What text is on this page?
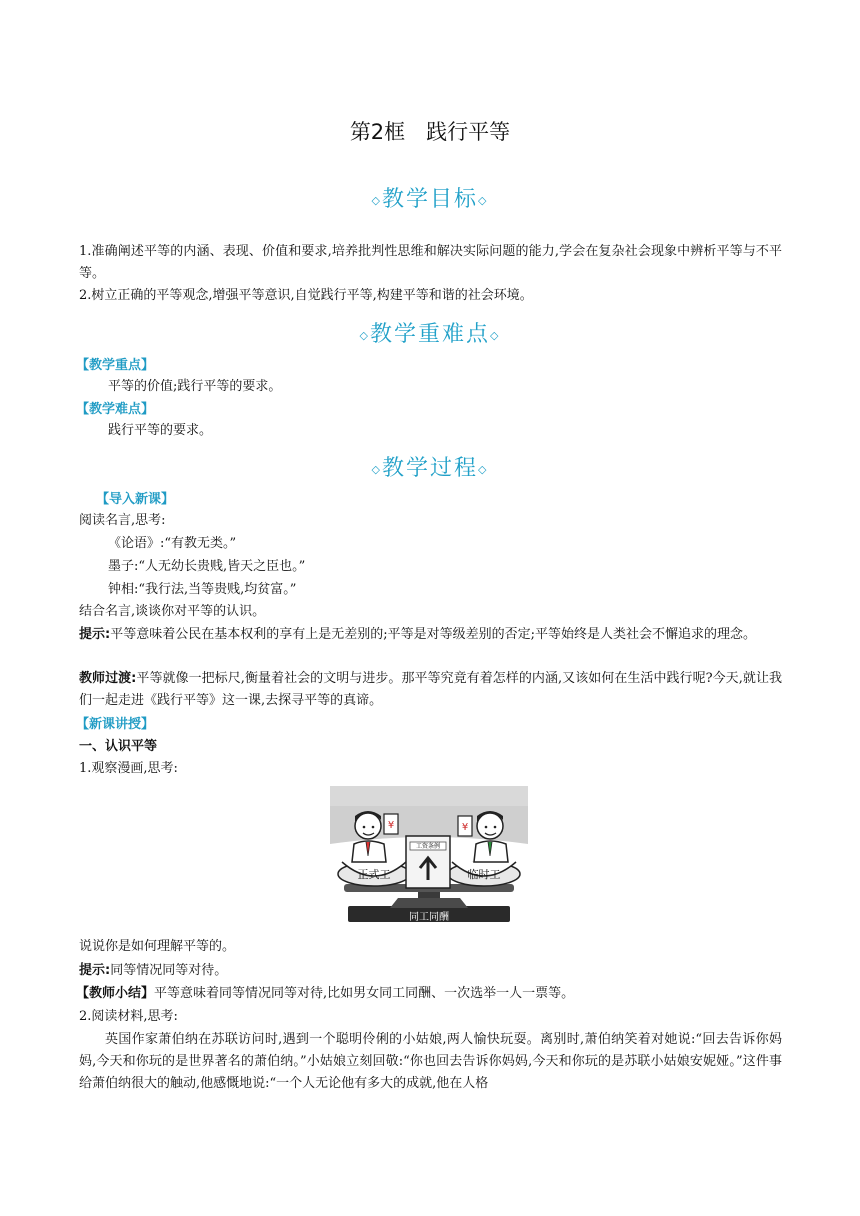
第2框　践行平等
◇教学目标◇
1.准确阐述平等的内涵、表现、价值和要求,培养批判性思维和解决实际问题的能力,学会在复杂社会现象中辨析平等与不平等。
2.树立正确的平等观念,增强平等意识,自觉践行平等,构建平等和谐的社会环境。
◇教学重难点◇
【教学重点】
平等的价值;践行平等的要求。
【教学难点】
践行平等的要求。
◇教学过程◇
【导入新课】
阅读名言,思考:
《论语》:“有教无类。”
墨子:“人无幼长贵贱,皆天之臣也。”
钟相:“我行法,当等贵贱,均贫富。”
结合名言,谈谈你对平等的认识。
提示:平等意味着公民在基本权利的享有上是无差别的;平等是对等级差别的否定;平等始终是人类社会不懈追求的理念。
教师过渡:平等就像一把标尺,衡量着社会的文明与进步。那平等究竟有着怎样的内涵,又该如何在生活中践行呢?今天,就让我们一起走进《践行平等》这一课,去探寻平等的真谛。
【新课讲授】
一、认识平等
1.观察漫画,思考:
同工同酬
正式工	临时工
工资条例
¥	¥
说说你是如何理解平等的。
提示:同等情况同等对待。
【教师小结】平等意味着同等情况同等对待,比如男女同工同酬、一次选举一人一票等。
2.阅读材料,思考:
英国作家萧伯纳在苏联访问时,遇到一个聪明伶俐的小姑娘,两人愉快玩耍。离别时,萧伯纳笑着对她说:“回去告诉你妈妈,今天和你玩的是世界著名的萧伯纳。”小姑娘立刻回敬:“你也回去告诉你妈妈,今天和你玩的是苏联小姑娘安妮娅。”这件事给萧伯纳很大的触动,他感慨地说:“一个人无论他有多大的成就,他在人格
